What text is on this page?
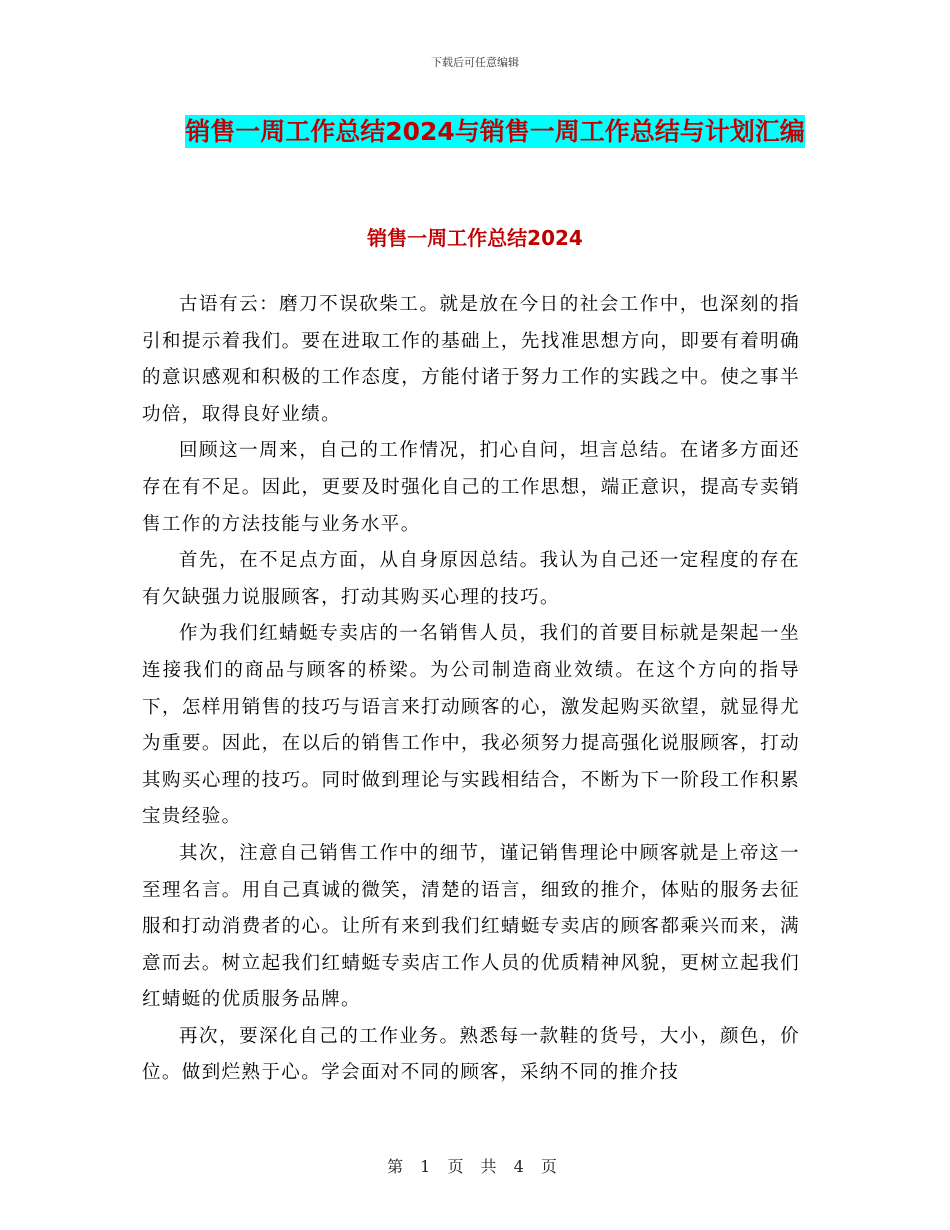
下载后可任意编辑
销售一周工作总结2024与销售一周工作总结与计划汇编
销售一周工作总结2024

古语有云：磨刀不误砍柴工。就是放在今日的社会工作中，也深刻的指引和提示着我们。要在进取工作的基础上，先找准思想方向，即要有着明确的意识感观和积极的工作态度，方能付诸于努力工作的实践之中。使之事半功倍，取得良好业绩。

回顾这一周来，自己的工作情况，扪心自问，坦言总结。在诸多方面还存在有不足。因此，更要及时强化自己的工作思想，端正意识，提高专卖销售工作的方法技能与业务水平。

首先，在不足点方面，从自身原因总结。我认为自己还一定程度的存在有欠缺强力说服顾客，打动其购买心理的技巧。

作为我们红蜻蜓专卖店的一名销售人员，我们的首要目标就是架起一坐连接我们的商品与顾客的桥梁。为公司制造商业效绩。在这个方向的指导下，怎样用销售的技巧与语言来打动顾客的心，激发起购买欲望，就显得尤为重要。因此，在以后的销售工作中，我必须努力提高强化说服顾客，打动其购买心理的技巧。同时做到理论与实践相结合，不断为下一阶段工作积累宝贵经验。

其次，注意自己销售工作中的细节，谨记销售理论中顾客就是上帝这一至理名言。用自己真诚的微笑，清楚的语言，细致的推介，体贴的服务去征服和打动消费者的心。让所有来到我们红蜻蜓专卖店的顾客都乘兴而来，满意而去。树立起我们红蜻蜓专卖店工作人员的优质精神风貌，更树立起我们红蜻蜓的优质服务品牌。

再次，要深化自己的工作业务。熟悉每一款鞋的货号，大小，颜色，价位。做到烂熟于心。学会面对不同的顾客，采纳不同的推介技

第 1 页 共 4 页
